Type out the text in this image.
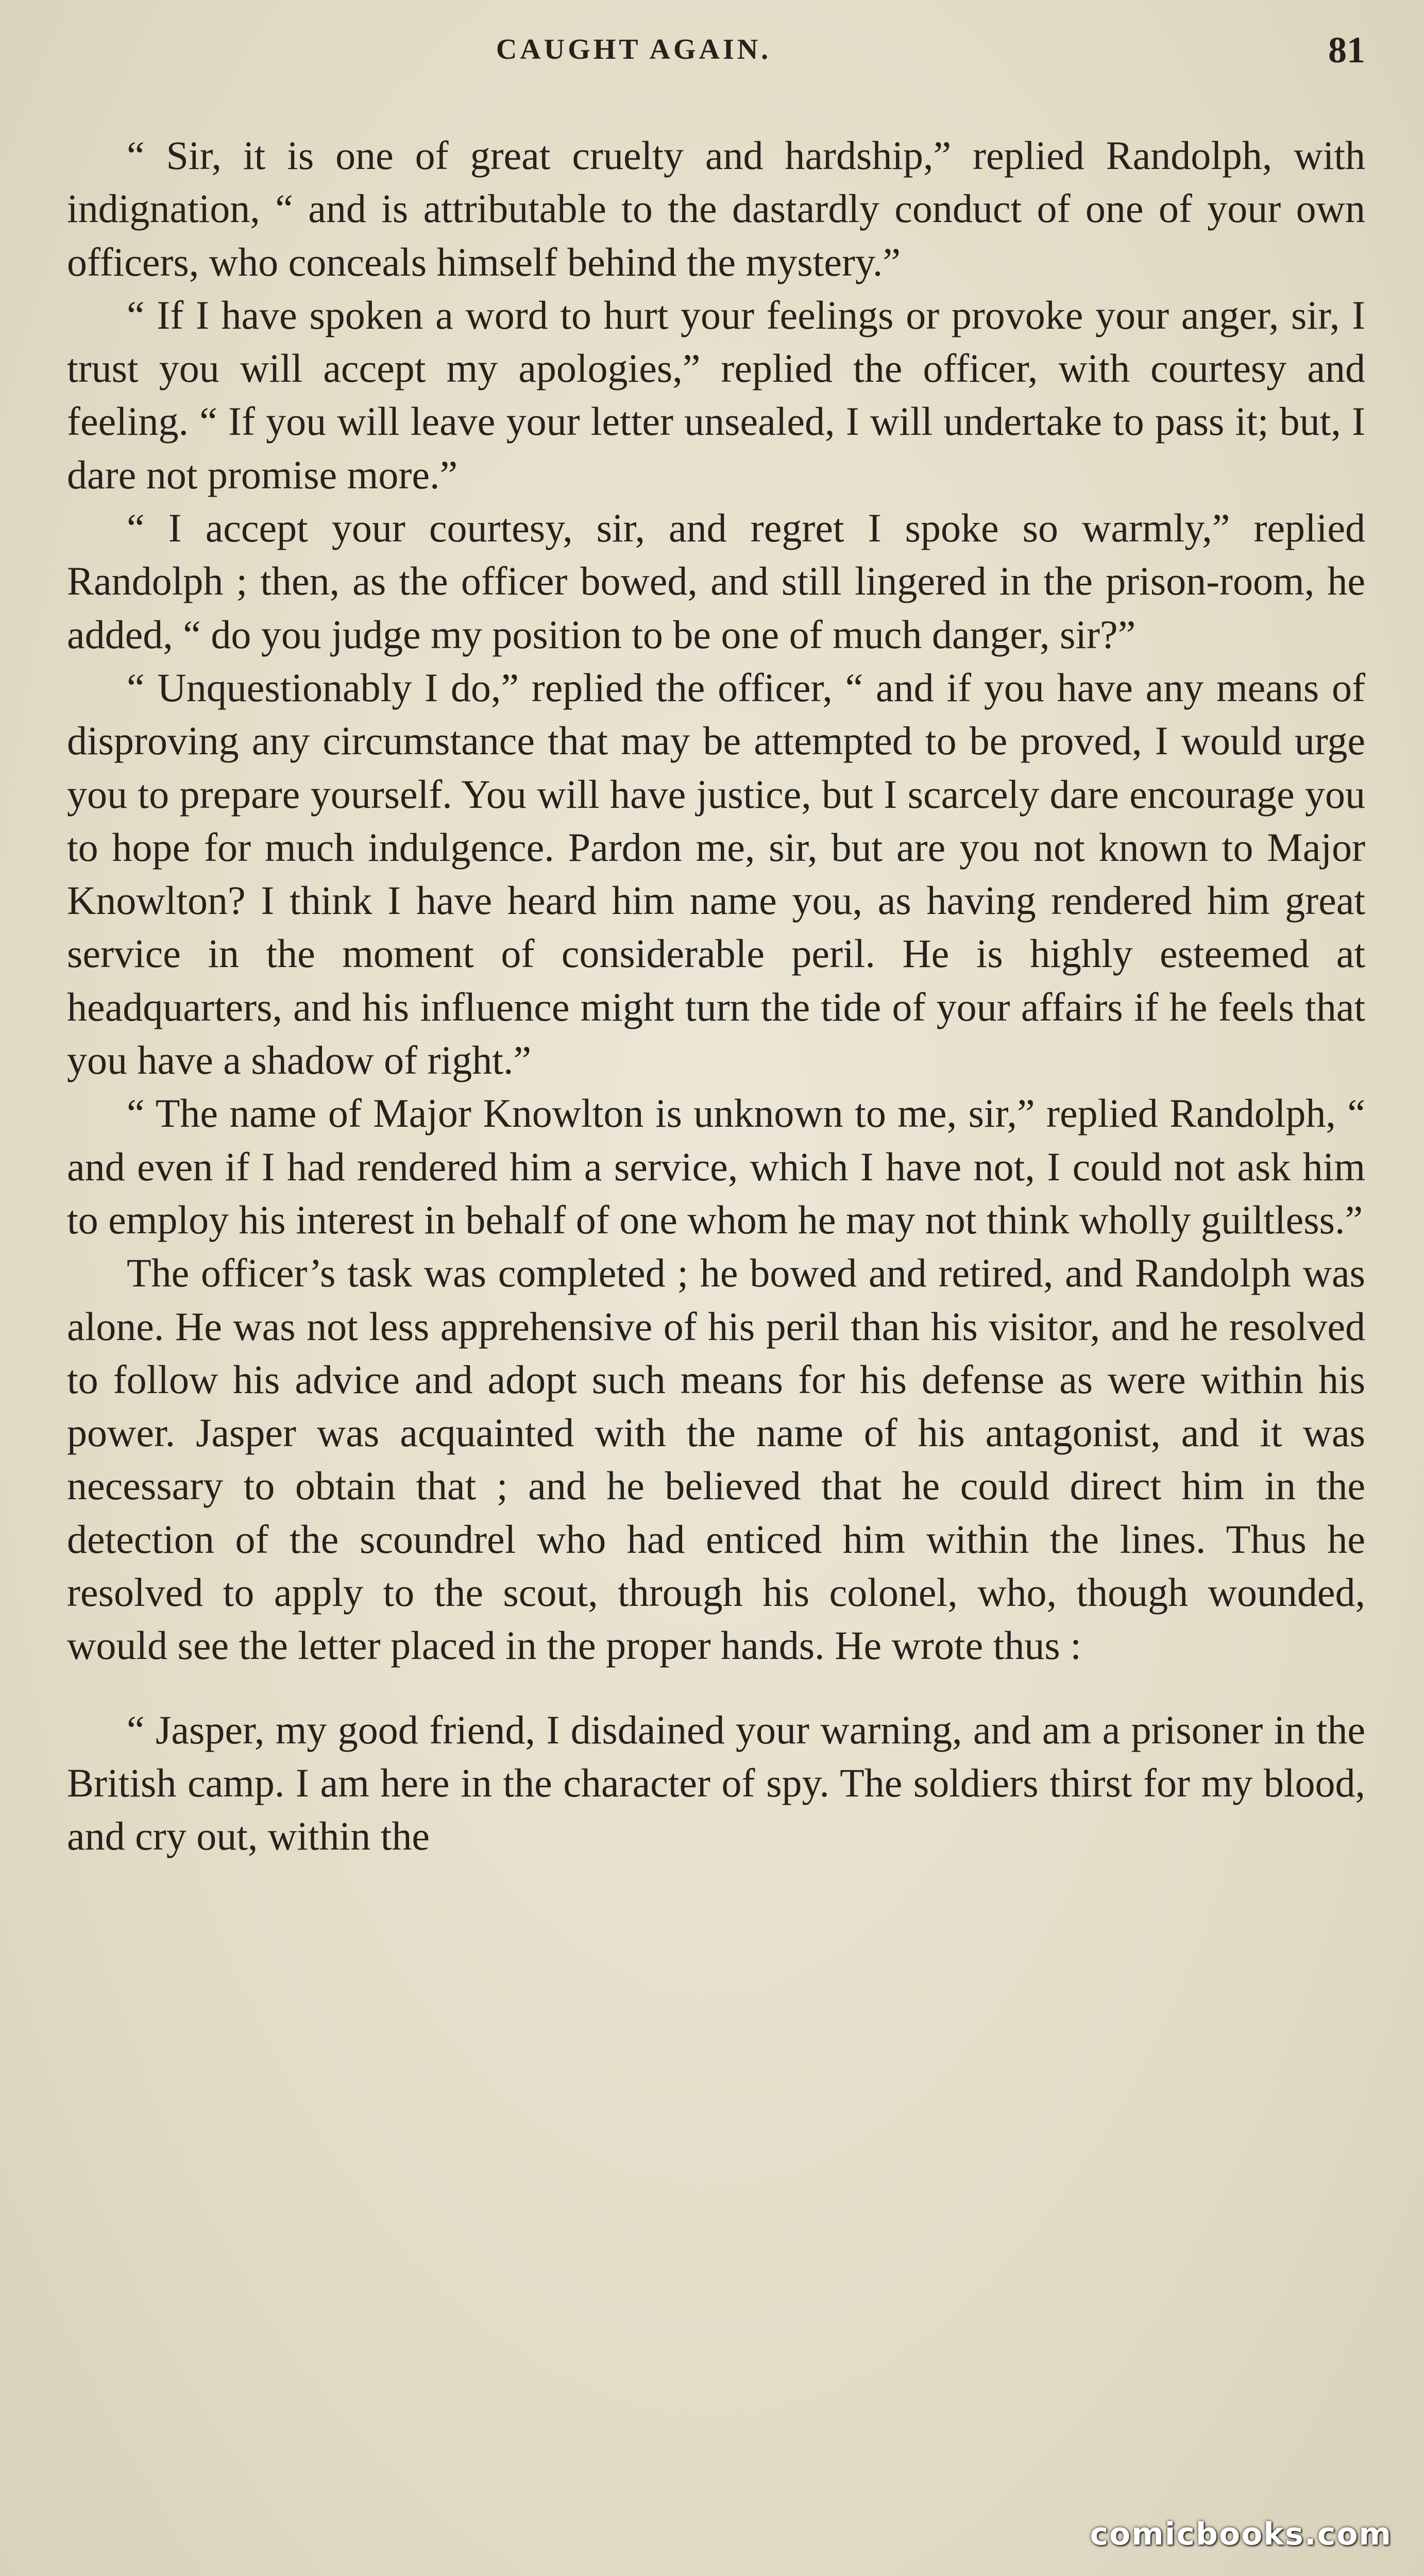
CAUGHT AGAIN.	81

“ Sir, it is one of great cruelty and hardship,” replied Randolph, with indignation, “ and is attributable to the dastardly conduct of one of your own officers, who conceals himself behind the mystery.”

“ If I have spoken a word to hurt your feelings or provoke your anger, sir, I trust you will accept my apologies,” replied the officer, with courtesy and feeling. “ If you will leave your letter unsealed, I will undertake to pass it; but, I dare not promise more.”

“ I accept your courtesy, sir, and regret I spoke so warmly,” replied Randolph ; then, as the officer bowed, and still lingered in the prison-room, he added, “ do you judge my position to be one of much danger, sir?”

“ Unquestionably I do,” replied the officer, “ and if you have any means of disproving any circumstance that may be attempted to be proved, I would urge you to prepare yourself. You will have justice, but I scarcely dare encourage you to hope for much indulgence. Pardon me, sir, but are you not known to Major Knowlton? I think I have heard him name you, as having rendered him great service in the moment of considerable peril. He is highly esteemed at headquarters, and his influence might turn the tide of your affairs if he feels that you have a shadow of right.”

“ The name of Major Knowlton is unknown to me, sir,” replied Randolph, “ and even if I had rendered him a service, which I have not, I could not ask him to employ his interest in behalf of one whom he may not think wholly guiltless.”

The officer’s task was completed ; he bowed and retired, and Randolph was alone. He was not less apprehensive of his peril than his visitor, and he resolved to follow his advice and adopt such means for his defense as were within his power. Jasper was acquainted with the name of his antagonist, and it was necessary to obtain that ; and he believed that he could direct him in the detection of the scoundrel who had enticed him within the lines. Thus he resolved to apply to the scout, through his colonel, who, though wounded, would see the letter placed in the proper hands. He wrote thus :

“ Jasper, my good friend, I disdained your warning, and am a prisoner in the British camp. I am here in the character of spy. The soldiers thirst for my blood, and cry out, within the

comicbooks.com
